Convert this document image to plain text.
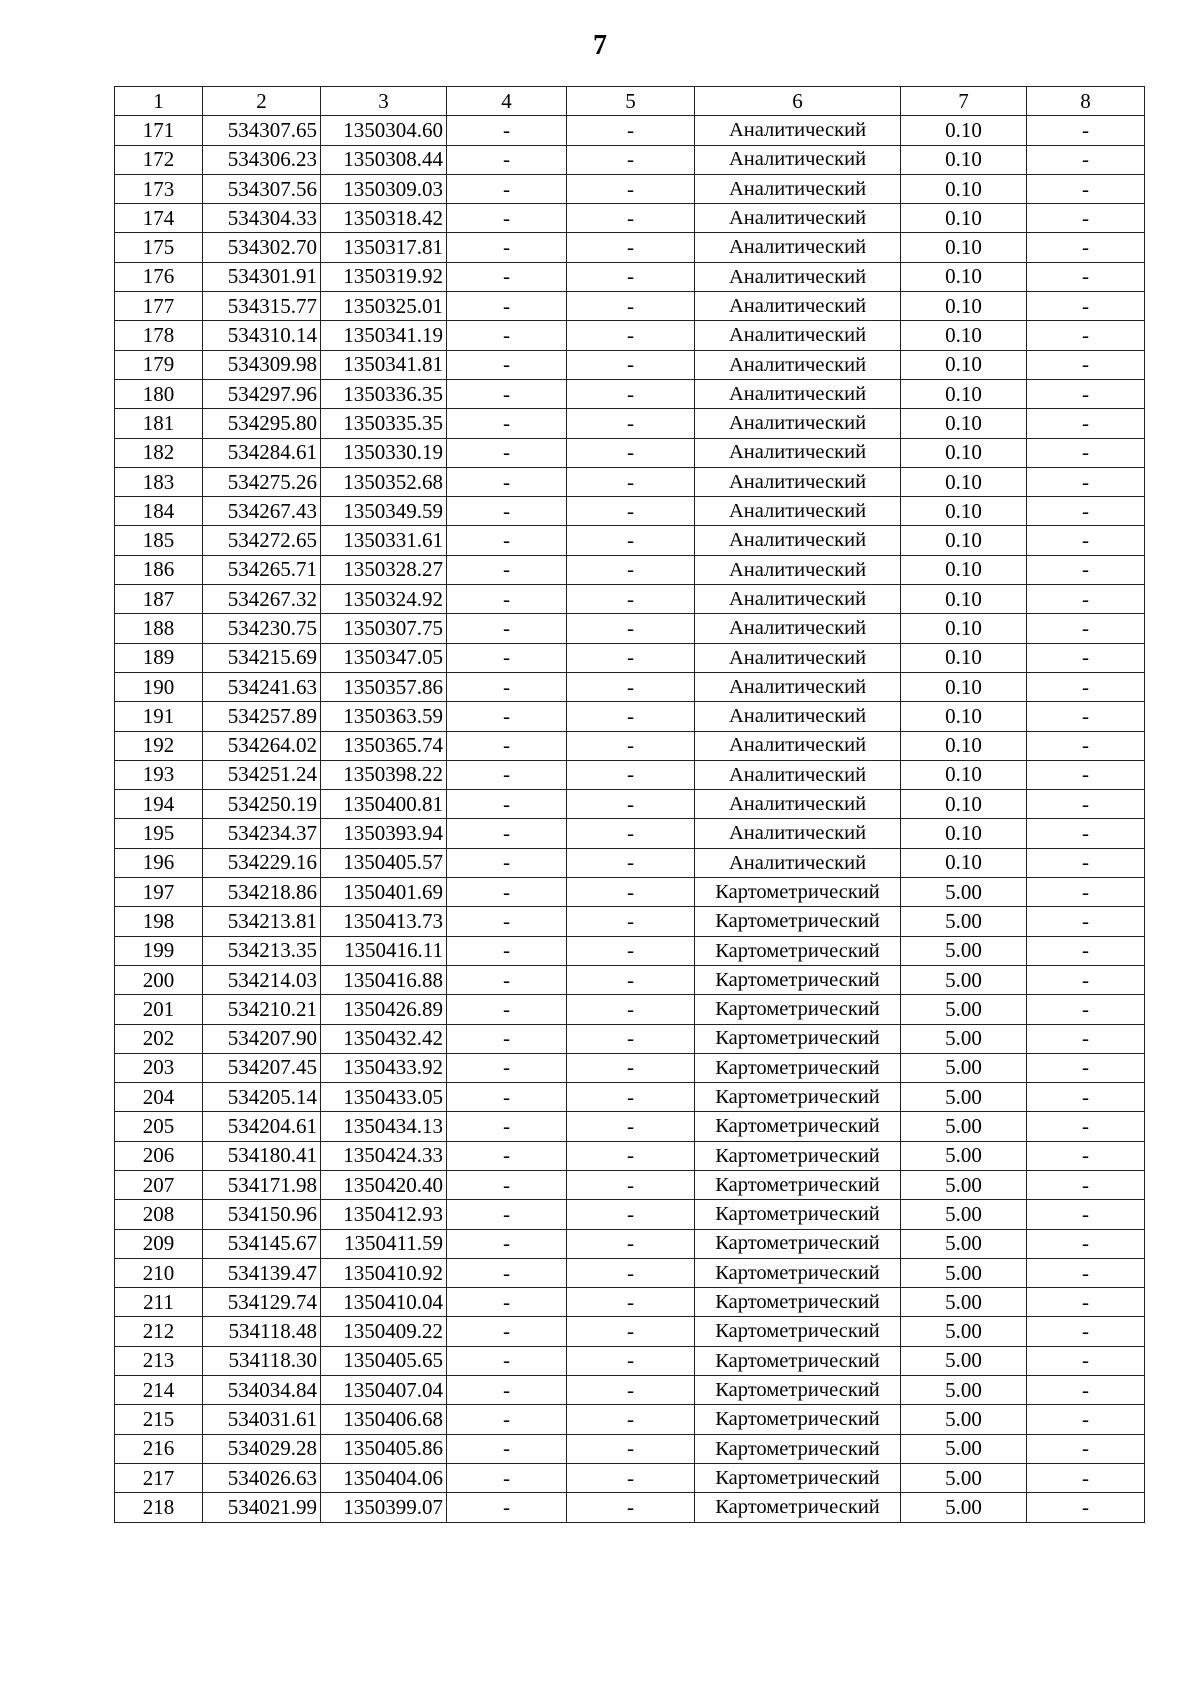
7
1	2	3	4	5	6	7	8
171	534307.65	1350304.60	-	-	Аналитический	0.10	-
172	534306.23	1350308.44	-	-	Аналитический	0.10	-
173	534307.56	1350309.03	-	-	Аналитический	0.10	-
174	534304.33	1350318.42	-	-	Аналитический	0.10	-
175	534302.70	1350317.81	-	-	Аналитический	0.10	-
176	534301.91	1350319.92	-	-	Аналитический	0.10	-
177	534315.77	1350325.01	-	-	Аналитический	0.10	-
178	534310.14	1350341.19	-	-	Аналитический	0.10	-
179	534309.98	1350341.81	-	-	Аналитический	0.10	-
180	534297.96	1350336.35	-	-	Аналитический	0.10	-
181	534295.80	1350335.35	-	-	Аналитический	0.10	-
182	534284.61	1350330.19	-	-	Аналитический	0.10	-
183	534275.26	1350352.68	-	-	Аналитический	0.10	-
184	534267.43	1350349.59	-	-	Аналитический	0.10	-
185	534272.65	1350331.61	-	-	Аналитический	0.10	-
186	534265.71	1350328.27	-	-	Аналитический	0.10	-
187	534267.32	1350324.92	-	-	Аналитический	0.10	-
188	534230.75	1350307.75	-	-	Аналитический	0.10	-
189	534215.69	1350347.05	-	-	Аналитический	0.10	-
190	534241.63	1350357.86	-	-	Аналитический	0.10	-
191	534257.89	1350363.59	-	-	Аналитический	0.10	-
192	534264.02	1350365.74	-	-	Аналитический	0.10	-
193	534251.24	1350398.22	-	-	Аналитический	0.10	-
194	534250.19	1350400.81	-	-	Аналитический	0.10	-
195	534234.37	1350393.94	-	-	Аналитический	0.10	-
196	534229.16	1350405.57	-	-	Аналитический	0.10	-
197	534218.86	1350401.69	-	-	Картометрический	5.00	-
198	534213.81	1350413.73	-	-	Картометрический	5.00	-
199	534213.35	1350416.11	-	-	Картометрический	5.00	-
200	534214.03	1350416.88	-	-	Картометрический	5.00	-
201	534210.21	1350426.89	-	-	Картометрический	5.00	-
202	534207.90	1350432.42	-	-	Картометрический	5.00	-
203	534207.45	1350433.92	-	-	Картометрический	5.00	-
204	534205.14	1350433.05	-	-	Картометрический	5.00	-
205	534204.61	1350434.13	-	-	Картометрический	5.00	-
206	534180.41	1350424.33	-	-	Картометрический	5.00	-
207	534171.98	1350420.40	-	-	Картометрический	5.00	-
208	534150.96	1350412.93	-	-	Картометрический	5.00	-
209	534145.67	1350411.59	-	-	Картометрический	5.00	-
210	534139.47	1350410.92	-	-	Картометрический	5.00	-
211	534129.74	1350410.04	-	-	Картометрический	5.00	-
212	534118.48	1350409.22	-	-	Картометрический	5.00	-
213	534118.30	1350405.65	-	-	Картометрический	5.00	-
214	534034.84	1350407.04	-	-	Картометрический	5.00	-
215	534031.61	1350406.68	-	-	Картометрический	5.00	-
216	534029.28	1350405.86	-	-	Картометрический	5.00	-
217	534026.63	1350404.06	-	-	Картометрический	5.00	-
218	534021.99	1350399.07	-	-	Картометрический	5.00	-
